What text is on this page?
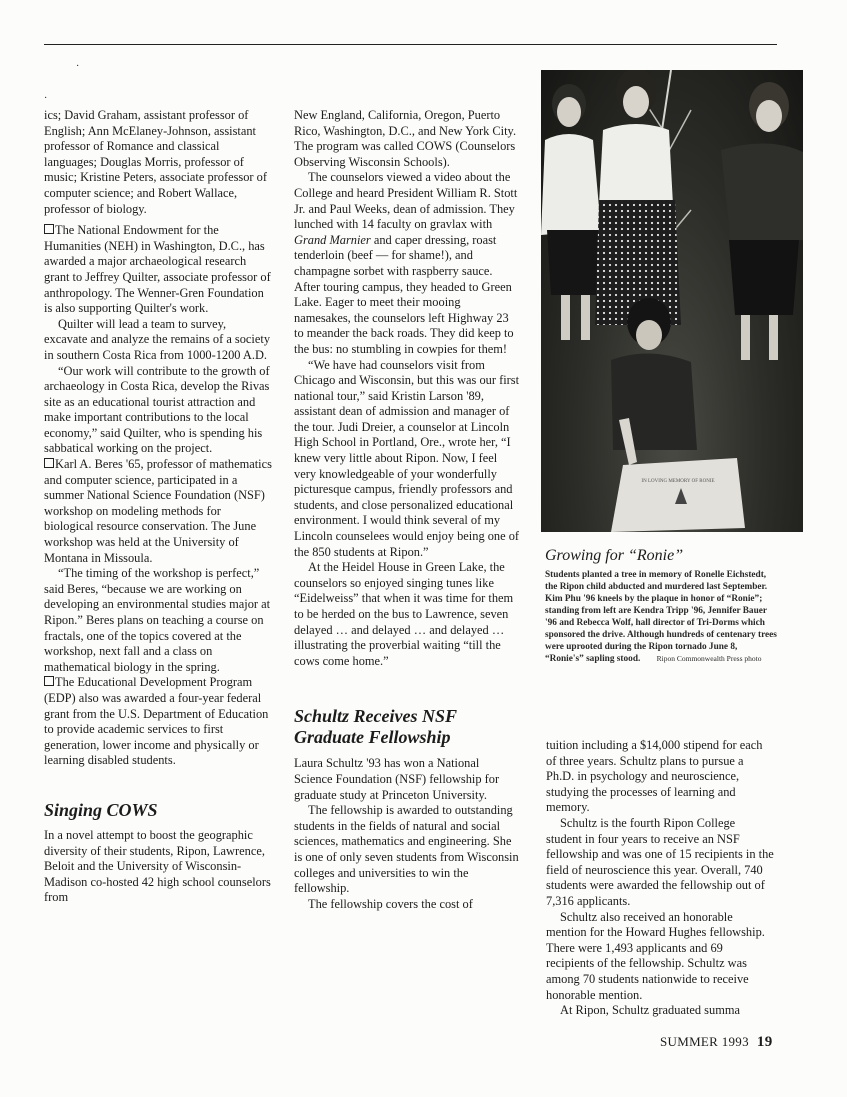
·
·

ics; David Graham, assistant professor of English; Ann McElaney-Johnson, assistant professor of Romance and classical languages; Douglas Morris, professor of music; Kristine Peters, associate professor of computer science; and Robert Wallace, professor of biology.

The National Endowment for the Humanities (NEH) in Washington, D.C., has awarded a major archaeological research grant to Jeffrey Quilter, associate professor of anthropology. The Wenner-Gren Foundation is also supporting Quilter's work.

Quilter will lead a team to survey, excavate and analyze the remains of a society in southern Costa Rica from 1000-1200 A.D.

“Our work will contribute to the growth of archaeology in Costa Rica, develop the Rivas site as an educational tourist attraction and make important contributions to the local economy,” said Quilter, who is spending his sabbatical working on the project.

Karl A. Beres '65, professor of mathematics and computer science, participated in a summer National Science Foundation (NSF) workshop on modeling methods for biological resource conservation. The June workshop was held at the University of Montana in Missoula.

“The timing of the workshop is perfect,” said Beres, “because we are working on developing an environmental studies major at Ripon.” Beres plans on teaching a course on fractals, one of the topics covered at the workshop, next fall and a class on mathematical biology in the spring.

The Educational Development Program (EDP) also was awarded a four-year federal grant from the U.S. Department of Education to provide academic services to first generation, lower income and physically or learning disabled students.

Singing COWS

In a novel attempt to boost the geographic diversity of their students, Ripon, Lawrence, Beloit and the University of Wisconsin-Madison co-hosted 42 high school counselors from

New England, California, Oregon, Puerto Rico, Washington, D.C., and New York City. The program was called COWS (Counselors Observing Wisconsin Schools).

The counselors viewed a video about the College and heard President William R. Stott Jr. and Paul Weeks, dean of admission. They lunched with 14 faculty on gravlax with Grand Marnier and caper dressing, roast tenderloin (beef — for shame!), and champagne sorbet with raspberry sauce. After touring campus, they headed to Green Lake. Eager to meet their mooing namesakes, the counselors left Highway 23 to meander the back roads. They did keep to the bus: no stumbling in cowpies for them!

“We have had counselors visit from Chicago and Wisconsin, but this was our first national tour,” said Kristin Larson '89, assistant dean of admission and manager of the tour. Judi Dreier, a counselor at Lincoln High School in Portland, Ore., wrote her, “I knew very little about Ripon. Now, I feel very knowledgeable of your wonderfully picturesque campus, friendly professors and students, and close personalized educational environment. I would think several of my Lincoln counselees would enjoy being one of the 850 students at Ripon.”

At the Heidel House in Green Lake, the counselors so enjoyed singing tunes like “Eidelweiss” that when it was time for them to be herded on the bus to Lawrence, seven delayed … and delayed … and delayed … illustrating the proverbial waiting “till the cows come home.”

Schultz Receives NSF Graduate Fellowship

Laura Schultz '93 has won a National Science Foundation (NSF) fellowship for graduate study at Princeton University.

The fellowship is awarded to outstanding students in the fields of natural and social sciences, mathematics and engineering. She is one of only seven students from Wisconsin colleges and universities to win the fellowship.

The fellowship covers the cost of

IN LOVING MEMORY OF RONIE
Growing for “Ronie”
Students planted a tree in memory of Ronelle Eichstedt, the Ripon child abducted and murdered last September. Kim Phu '96 kneels by the plaque in honor of “Ronie”; standing from left are Kendra Tripp '96, Jennifer Bauer '96 and Rebecca Wolf, hall director of Tri-Dorms which sponsored the drive. Although hundreds of centenary trees were uprooted during the Ripon tornado June 8, “Ronie's” sapling stood. Ripon Commonwealth Press photo

tuition including a $14,000 stipend for each of three years. Schultz plans to pursue a Ph.D. in psychology and neuroscience, studying the processes of learning and memory.

Schultz is the fourth Ripon College student in four years to receive an NSF fellowship and was one of 15 recipients in the field of neuroscience this year. Overall, 740 students were awarded the fellowship out of 7,316 applicants.

Schultz also received an honorable mention for the Howard Hughes fellowship. There were 1,493 applicants and 69 recipients of the fellowship. Schultz was among 70 students nationwide to receive honorable mention.

At Ripon, Schultz graduated summa

SUMMER 1993 19
